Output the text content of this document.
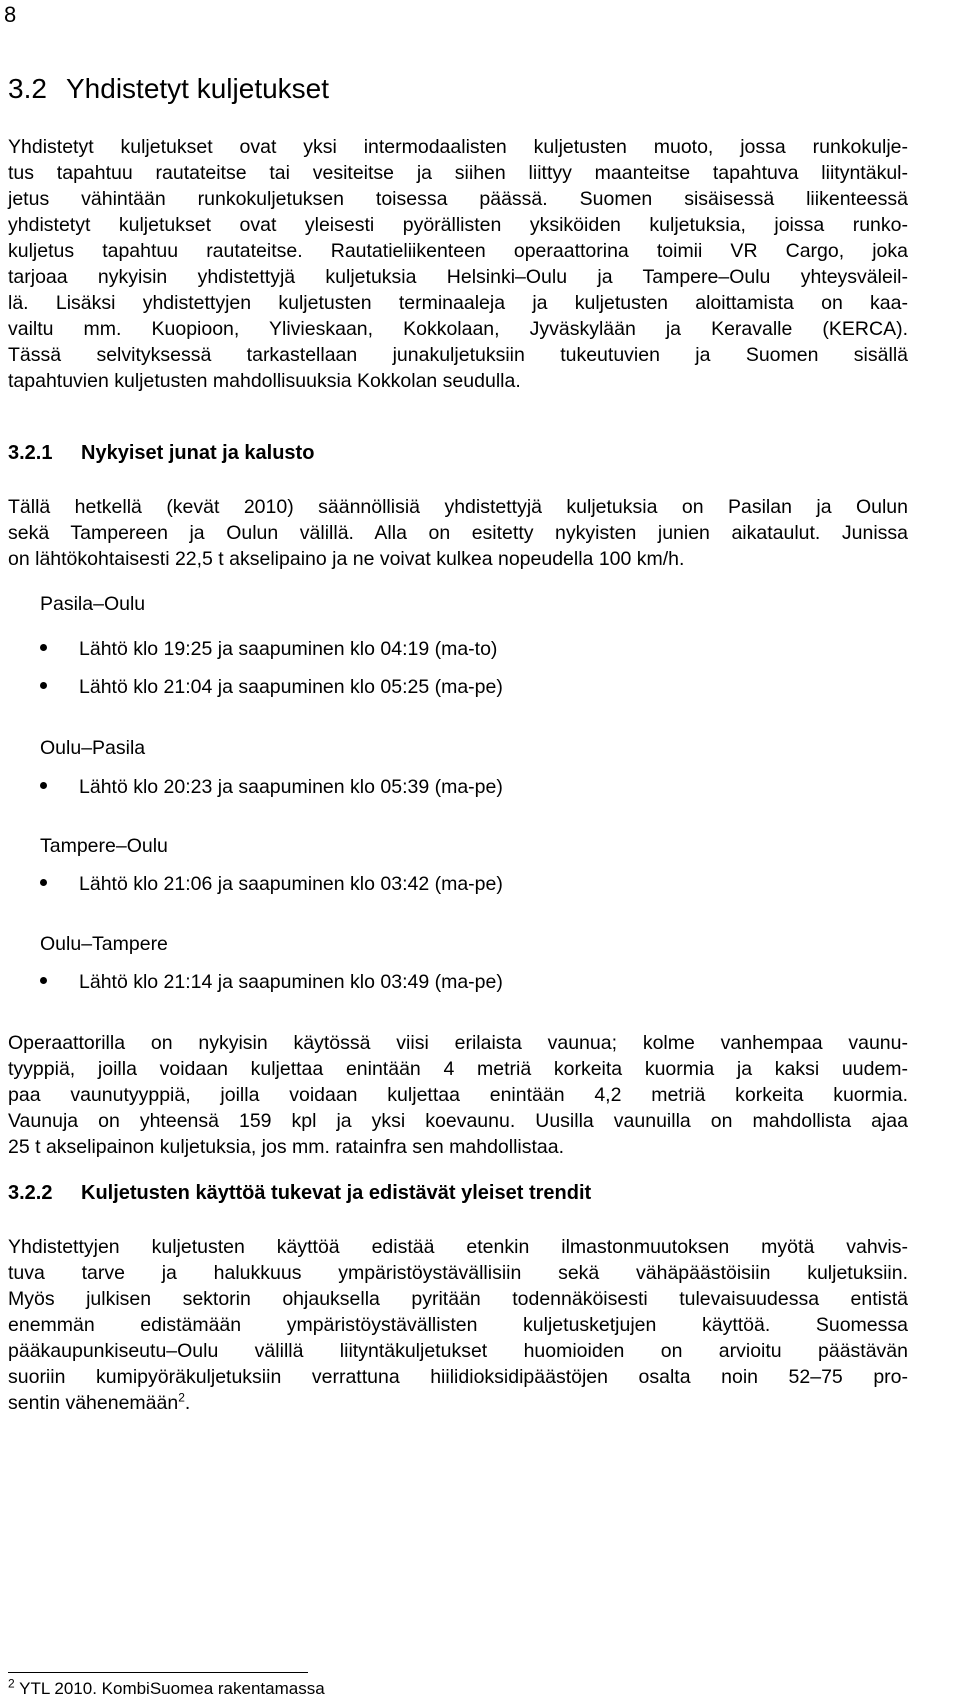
8
3.2 Yhdistetyt kuljetukset
Yhdistetyt kuljetukset ovat yksi intermodaalisten kuljetusten muoto, jossa runkokulje-
tus tapahtuu rautateitse tai vesiteitse ja siihen liittyy maanteitse tapahtuva liityntäkul-
jetus vähintään runkokuljetuksen toisessa päässä. Suomen sisäisessä liikenteessä
yhdistetyt kuljetukset ovat yleisesti pyörällisten yksiköiden kuljetuksia, joissa runko-
kuljetus tapahtuu rautateitse. Rautatieliikenteen operaattorina toimii VR Cargo, joka
tarjoaa nykyisin yhdistettyjä kuljetuksia Helsinki–Oulu ja Tampere–Oulu yhteysväleil-
lä. Lisäksi yhdistettyjen kuljetusten terminaaleja ja kuljetusten aloittamista on kaa-
vailtu mm. Kuopioon, Ylivieskaan, Kokkolaan, Jyväskylään ja Keravalle (KERCA).
Tässä selvityksessä tarkastellaan junakuljetuksiin tukeutuvien ja Suomen sisällä
tapahtuvien kuljetusten mahdollisuuksia Kokkolan seudulla.
3.2.1 Nykyiset junat ja kalusto
Tällä hetkellä (kevät 2010) säännöllisiä yhdistettyjä kuljetuksia on Pasilan ja Oulun
sekä Tampereen ja Oulun välillä. Alla on esitetty nykyisten junien aikataulut. Junissa
on lähtökohtaisesti 22,5 t akselipaino ja ne voivat kulkea nopeudella 100 km/h.
Pasila–Oulu
Lähtö klo 19:25 ja saapuminen klo 04:19 (ma-to)
Lähtö klo 21:04 ja saapuminen klo 05:25 (ma-pe)
Oulu–Pasila
Lähtö klo 20:23 ja saapuminen klo 05:39 (ma-pe)
Tampere–Oulu
Lähtö klo 21:06 ja saapuminen klo 03:42 (ma-pe)
Oulu–Tampere
Lähtö klo 21:14 ja saapuminen klo 03:49 (ma-pe)
Operaattorilla on nykyisin käytössä viisi erilaista vaunua; kolme vanhempaa vaunu-
tyyppiä, joilla voidaan kuljettaa enintään 4 metriä korkeita kuormia ja kaksi uudem-
paa vaunutyyppiä, joilla voidaan kuljettaa enintään 4,2 metriä korkeita kuormia.
Vaunuja on yhteensä 159 kpl ja yksi koevaunu. Uusilla vaunuilla on mahdollista ajaa
25 t akselipainon kuljetuksia, jos mm. ratainfra sen mahdollistaa.
3.2.2 Kuljetusten käyttöä tukevat ja edistävät yleiset trendit
Yhdistettyjen kuljetusten käyttöä edistää etenkin ilmastonmuutoksen myötä vahvis-
tuva tarve ja halukkuus ympäristöystävällisiin sekä vähäpäästöisiin kuljetuksiin.
Myös julkisen sektorin ohjauksella pyritään todennäköisesti tulevaisuudessa entistä
enemmän edistämään ympäristöystävällisten kuljetusketjujen käyttöä. Suomessa
pääkaupunkiseutu–Oulu välillä liityntäkuljetukset huomioiden on arvioitu päästävän
suoriin kumipyöräkuljetuksiin verrattuna hiilidioksidipäästöjen osalta noin 52–75 pro-
sentin vähenemään$^2$.
$^2$ YTL 2010. KombiSuomea rakentamassa
